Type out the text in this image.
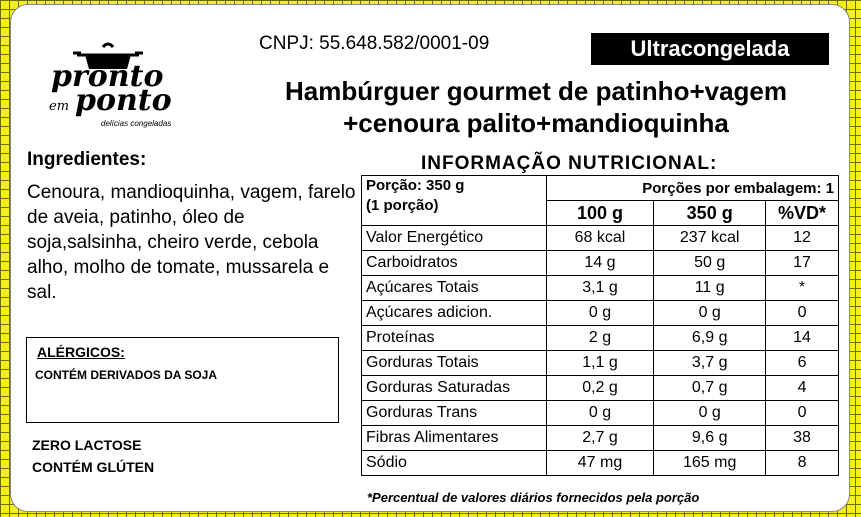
pronto
em ponto
delícias congeladas
CNPJ: 55.648.582/0001-09	Ultracongelada
Hambúrguer gourmet de patinho+vagem
+cenoura palito+mandioquinha
Ingredientes:
Cenoura, mandioquinha, vagem, farelo de aveia, patinho, óleo de soja,salsinha, cheiro verde, cebola alho, molho de tomate, mussarela e sal.
ALÉRGICOS:
CONTÉM DERIVADOS DA SOJA
ZERO LACTOSE
CONTÉM GLÚTEN
INFORMAÇÃO NUTRICIONAL:
Porção: 350 g
(1 porção)	Porções por embalagem: 1		
	100 g	350 g	%VD*
Valor Energético	68 kcal	237 kcal	12
Carboidratos	14 g	50 g	17
Açúcares Totais	3,1 g	11 g	*
Açúcares adicion.	0 g	0 g	0
Proteínas	2 g	6,9 g	14
Gorduras Totais	1,1 g	3,7 g	6
Gorduras Saturadas	0,2 g	0,7 g	4
Gorduras Trans	0 g	0 g	0
Fibras Alimentares	2,7 g	9,6 g	38
Sódio	47 mg	165 mg	8
*Percentual de valores diários fornecidos pela porção
